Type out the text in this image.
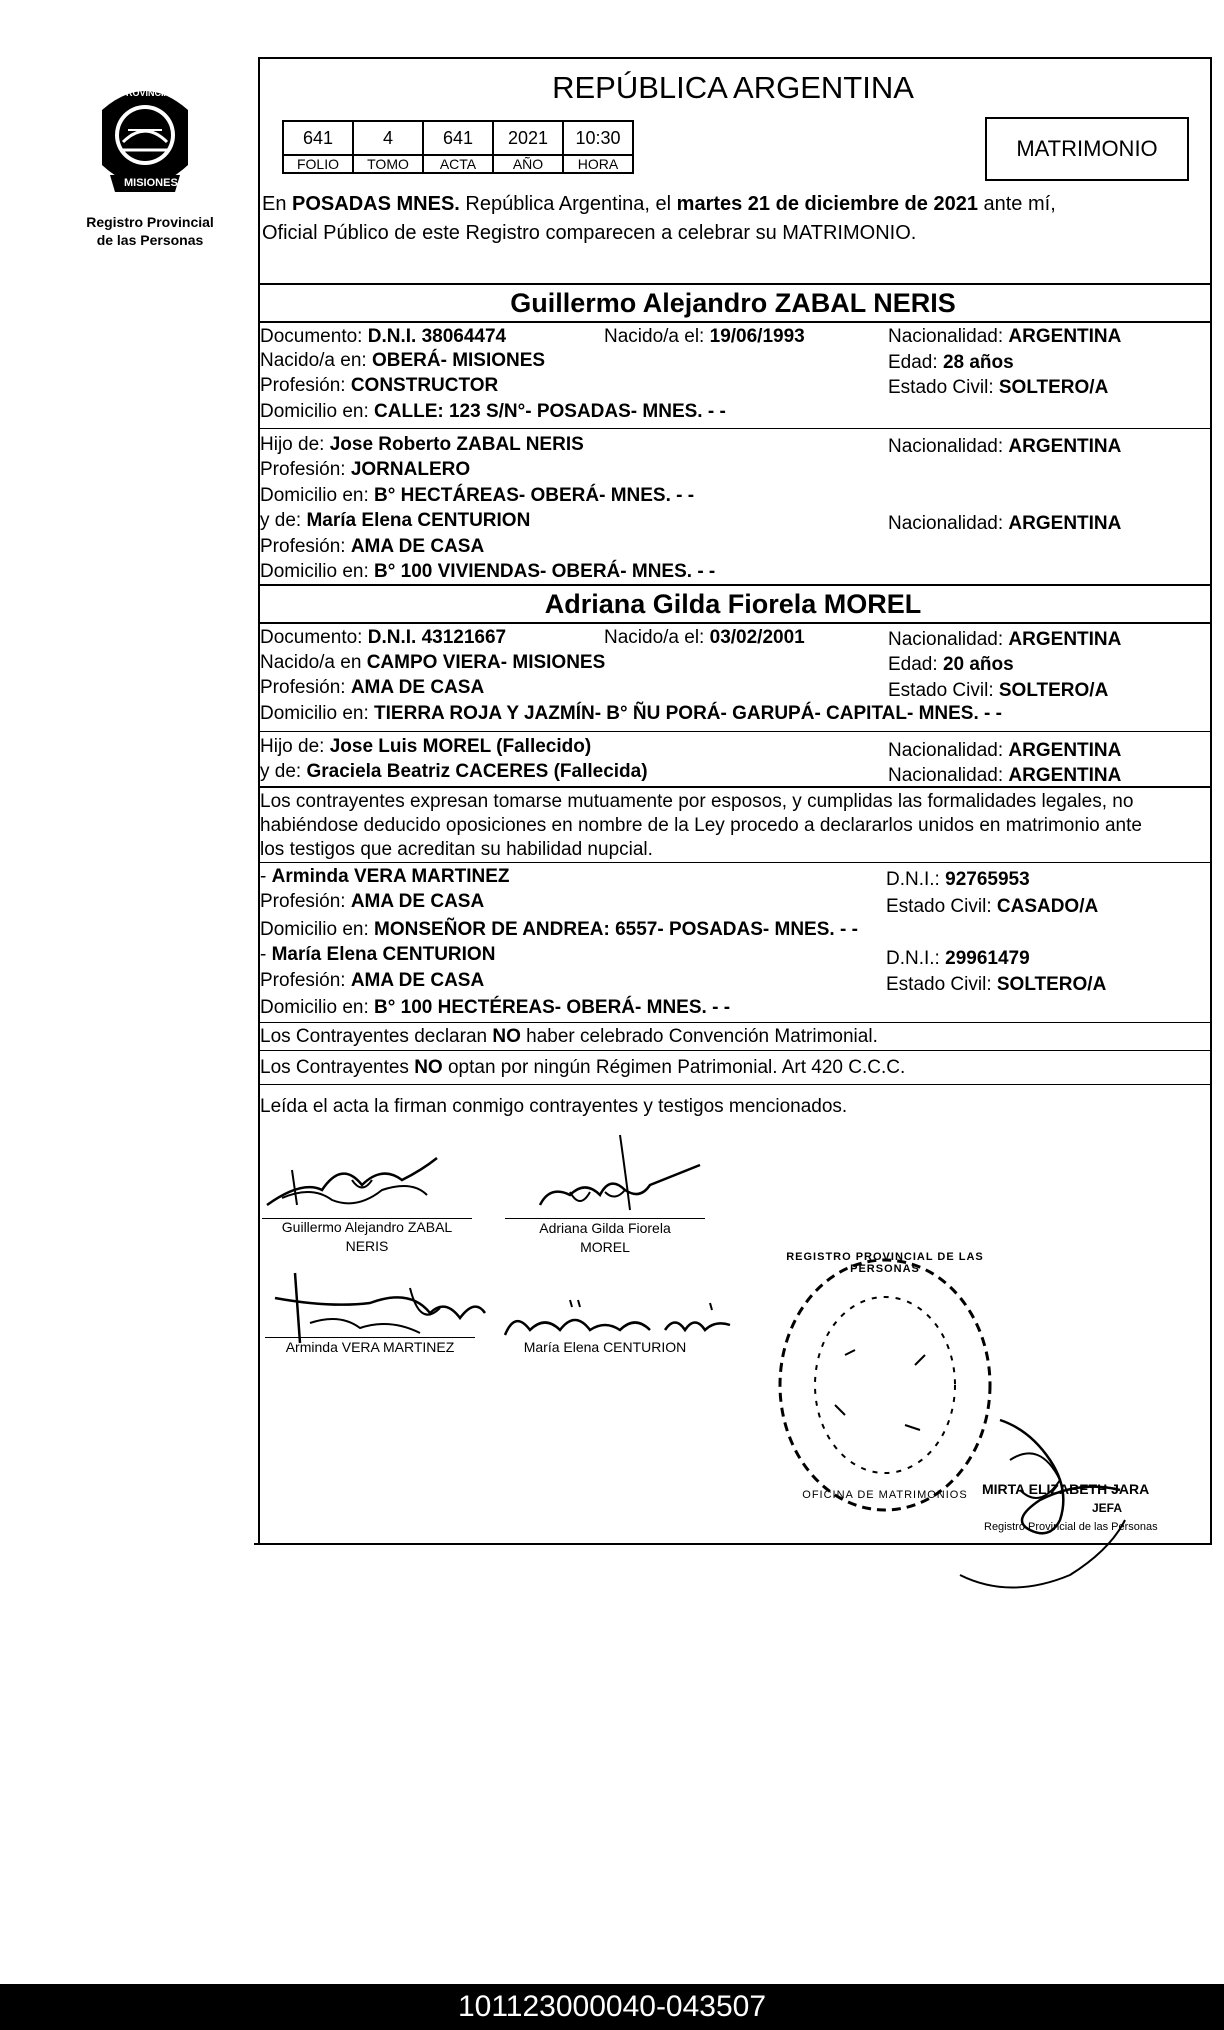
PROVINCIA DE
MISIONES
Registro Provincial
de las Personas
REPÚBLICA ARGENTINA
641	4	641	2021	10:30
FOLIO	TOMO	ACTA	AÑO	HORA
MATRIMONIO
En POSADAS MNES. República Argentina, el martes 21 de diciembre de 2021 ante mí,
Oficial Público de este Registro comparecen a celebrar su MATRIMONIO.
Guillermo Alejandro ZABAL NERIS
Documento: D.N.I. 38064474	Nacido/a el: 19/06/1993	Nacionalidad: ARGENTINA
Nacido/a en: OBERÁ- MISIONES	Edad: 28 años
Profesión: CONSTRUCTOR	Estado Civil: SOLTERO/A
Domicilio en: CALLE: 123 S/N°- POSADAS- MNES. - -
Hijo de: Jose Roberto ZABAL NERIS	Nacionalidad: ARGENTINA
Profesión: JORNALERO
Domicilio en: B° HECTÁREAS- OBERÁ- MNES. - -
y de: María Elena CENTURION	Nacionalidad: ARGENTINA
Profesión: AMA DE CASA
Domicilio en: B° 100 VIVIENDAS- OBERÁ- MNES. - -
Adriana Gilda Fiorela MOREL
Documento: D.N.I. 43121667	Nacido/a el: 03/02/2001	Nacionalidad: ARGENTINA
Nacido/a en CAMPO VIERA- MISIONES	Edad: 20 años
Profesión: AMA DE CASA	Estado Civil: SOLTERO/A
Domicilio en: TIERRA ROJA Y JAZMÍN- B° ÑU PORÁ- GARUPÁ- CAPITAL- MNES. - -
Hijo de: Jose Luis MOREL (Fallecido)	Nacionalidad: ARGENTINA
y de: Graciela Beatriz CACERES (Fallecida)	Nacionalidad: ARGENTINA
Los contrayentes expresan tomarse mutuamente por esposos, y cumplidas las formalidades legales, no
habiéndose deducido oposiciones en nombre de la Ley procedo a declararlos unidos en matrimonio ante
los testigos que acreditan su habilidad nupcial.
- Arminda VERA MARTINEZ	D.N.I.: 92765953
Profesión: AMA DE CASA	Estado Civil: CASADO/A
Domicilio en: MONSEÑOR DE ANDREA: 6557- POSADAS- MNES. - -
- María Elena CENTURION	D.N.I.: 29961479
Profesión: AMA DE CASA	Estado Civil: SOLTERO/A
Domicilio en: B° 100 HECTÉREAS- OBERÁ- MNES. - -
Los Contrayentes declaran NO haber celebrado Convención Matrimonial.
Los Contrayentes NO optan por ningún Régimen Patrimonial. Art 420 C.C.C.
Leída el acta la firman conmigo contrayentes y testigos mencionados.
Guillermo Alejandro ZABAL
NERIS
Adriana Gilda Fiorela
MOREL
Arminda VERA MARTINEZ	María Elena CENTURION
REGISTRO PROVINCIAL DE LAS PERSONAS
OFICINA DE MATRIMONIOS	MIRTA ELIZABETH JARA
JEFA
Registro Provincial de las Personas
101123000040-043507
